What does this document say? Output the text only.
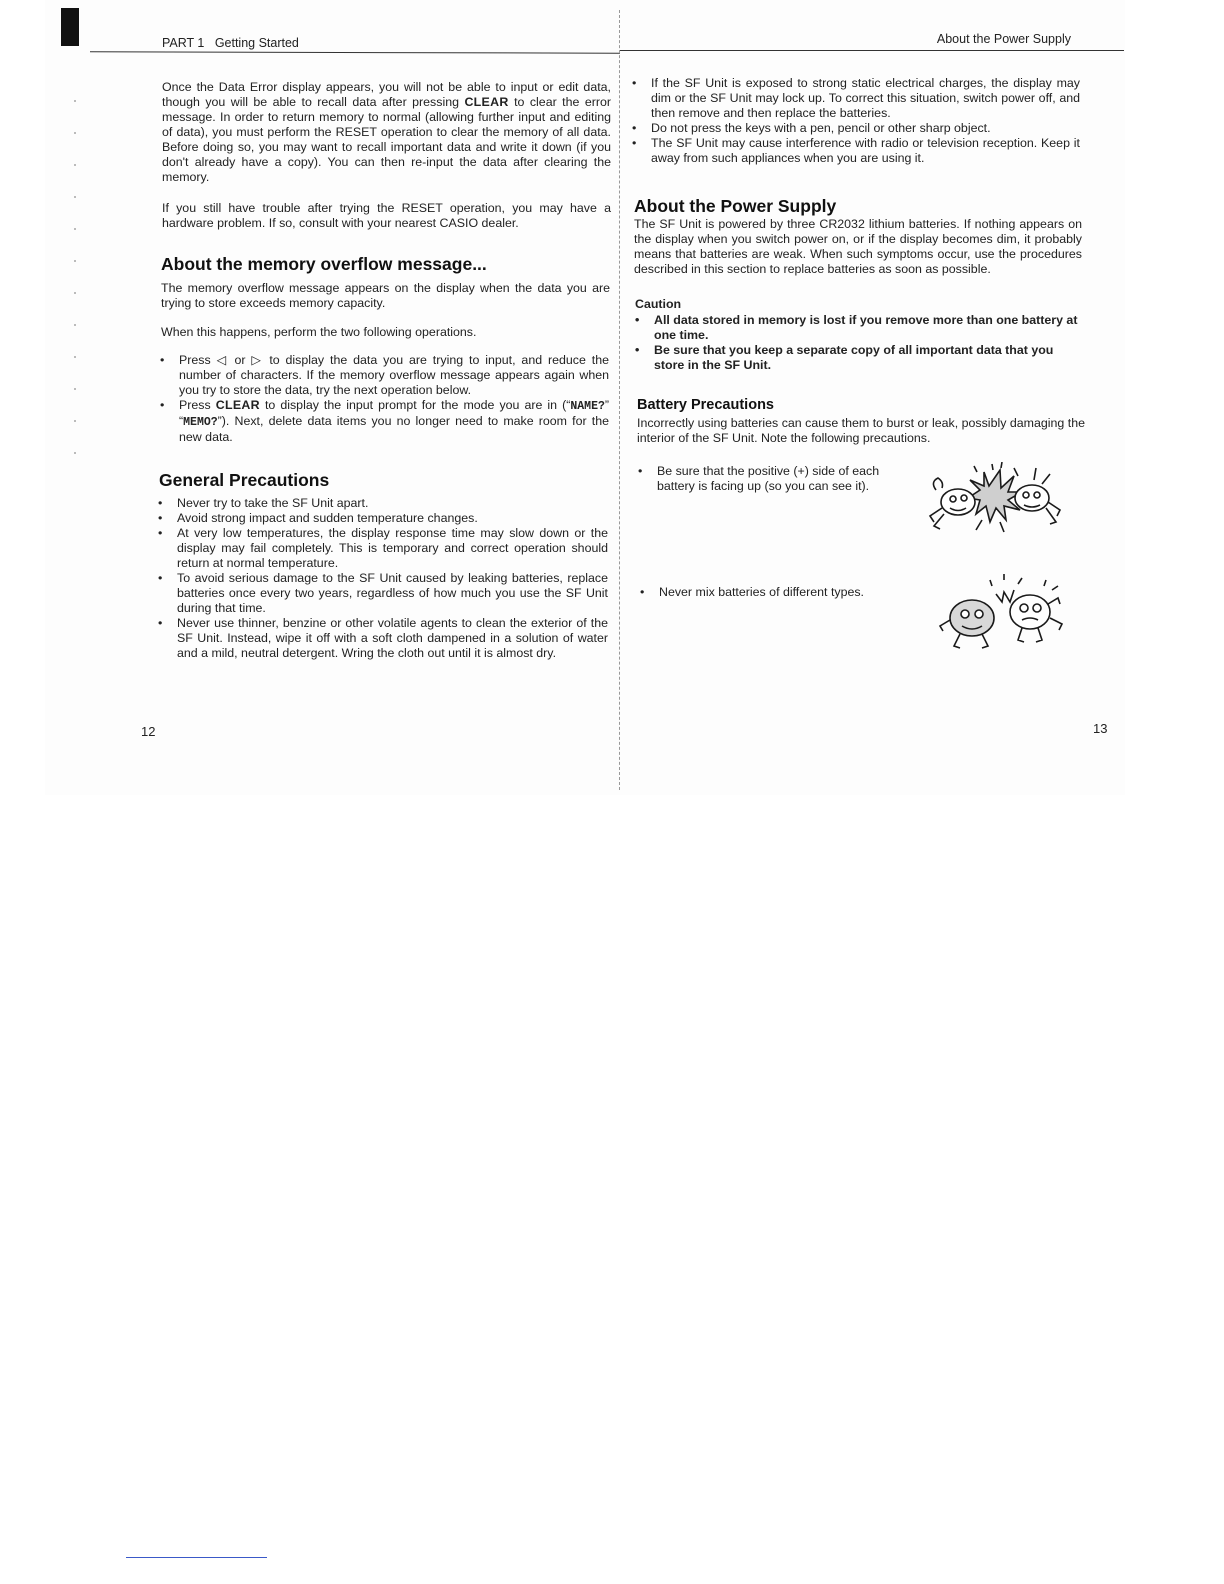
PART 1 Getting Started	About the Power Supply

Once the Data Error display appears, you will not be able to input or edit data, though you will be able to recall data after pressing CLEAR to clear the error message. In order to return memory to normal (allowing further input and editing of data), you must perform the RESET operation to clear the memory of all data. Before doing so, you may want to recall important data and write it down (if you don't already have a copy). You can then re-input the data after clearing the memory.

If you still have trouble after trying the RESET operation, you may have a hardware problem. If so, consult with your nearest CASIO dealer.
About the memory overflow message...
The memory overflow message appears on the display when the data you are trying to store exceeds memory capacity.
When this happens, perform the two following operations.
• Press ◁ or ▷ to display the data you are trying to input, and reduce the number of characters. If the memory overflow message appears again when you try to store the data, try the next operation below.
• Press CLEAR to display the input prompt for the mode you are in (“NAME?” “MEMO?”). Next, delete data items you no longer need to make room for the new data.
General Precautions
• Never try to take the SF Unit apart.
• Avoid strong impact and sudden temperature changes.
• At very low temperatures, the display response time may slow down or the display may fail completely. This is temporary and correct operation should return at normal temperature.
• To avoid serious damage to the SF Unit caused by leaking batteries, replace batteries once every two years, regardless of how much you use the SF Unit during that time.
• Never use thinner, benzine or other volatile agents to clean the exterior of the SF Unit. Instead, wipe it off with a soft cloth dampened in a solution of water and a mild, neutral detergent. Wring the cloth out until it is almost dry.
12
• If the SF Unit is exposed to strong static electrical charges, the display may dim or the SF Unit may lock up. To correct this situation, switch power off, and then remove and then replace the batteries.
• Do not press the keys with a pen, pencil or other sharp object.
• The SF Unit may cause interference with radio or television reception. Keep it away from such appliances when you are using it.
About the Power Supply
The SF Unit is powered by three CR2032 lithium batteries. If nothing appears on the display when you switch power on, or if the display becomes dim, it probably means that batteries are weak. When such symptoms occur, use the procedures described in this section to replace batteries as soon as possible.
Caution
• All data stored in memory is lost if you remove more than one battery at one time.
• Be sure that you keep a separate copy of all important data that you store in the SF Unit.
Battery Precautions
Incorrectly using batteries can cause them to burst or leak, possibly damaging the interior of the SF Unit. Note the following precautions.
• Be sure that the positive (+) side of each battery is facing up (so you can see it).
• Never mix batteries of different types.
13
